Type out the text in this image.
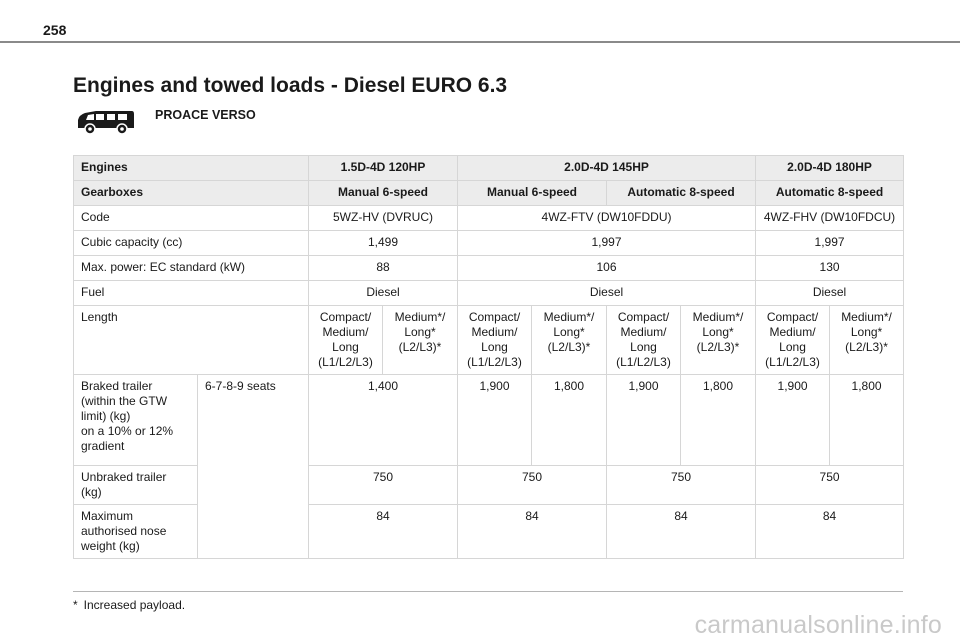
258
Engines and towed loads - Diesel EURO 6.3
PROACE VERSO
Engines		1.5D-4D 120HP		2.0D-4D 145HP				2.0D-4D 180HP	
Gearboxes		Manual 6-speed		Manual 6-speed		Automatic 8-speed		Automatic 8-speed	
Code		5WZ-HV (DVRUC)		4WZ-FTV (DW10FDDU)				4WZ-FHV (DW10FDCU)	
Cubic capacity (cc)		1,499		1,997				1,997	
Max. power: EC standard (kW)		88		106				130	
Fuel		Diesel		Diesel				Diesel	
Length		Compact/
Medium/
Long
(L1/L2/L3)	Medium*/
Long*
(L2/L3)*	Compact/
Medium/
Long
(L1/L2/L3)	Medium*/
Long*
(L2/L3)*	Compact/
Medium/
Long
(L1/L2/L3)	Medium*/
Long*
(L2/L3)*	Compact/
Medium/
Long
(L1/L2/L3)	Medium*/
Long*
(L2/L3)*
Braked trailer
(within the GTW
limit) (kg)
on a 10% or 12%
gradient	6-7-8-9 seats	1,400		1,900	1,800	1,900	1,800	1,900	1,800
Unbraked trailer
(kg)		750		750		750		750	
Maximum
authorised nose
weight (kg)		84		84		84		84	
* Increased payload.
carmanualsonline.info
